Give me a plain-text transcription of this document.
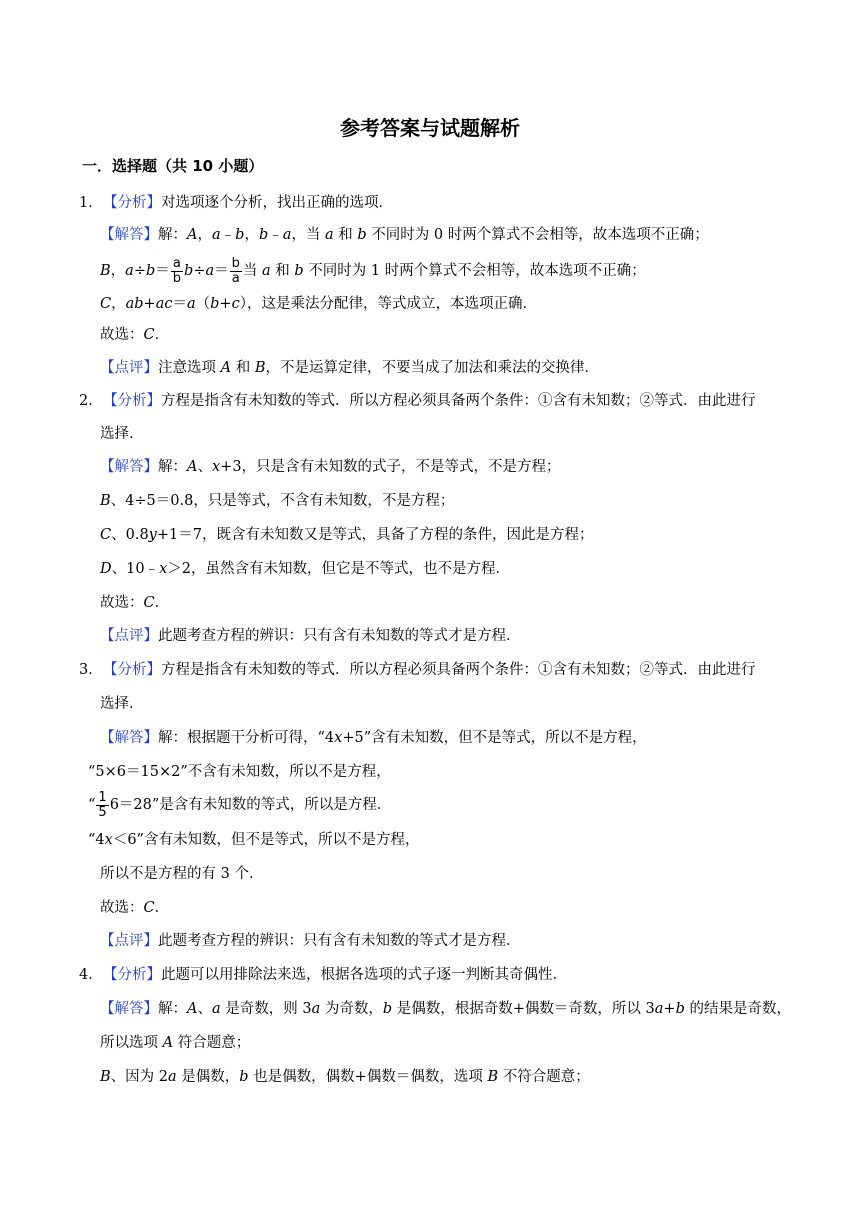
参考答案与试题解析
一．选择题（共 10 小题）
1． 【分析】对选项逐个分析，找出正确的选项．
【解答】解：A，a﹣b，b﹣a，当 a 和 b 不同时为 0 时两个算式不会相等，故本选项不正确；
B，$a\div b= \frac{a}{b} b\div a= \frac{b}{a}$ 当 a 和 b 不同时为 1 时两个算式不会相等，故本选项不正确；
C，ab+ac＝a（b+c），这是乘法分配律，等式成立，本选项正确．
故选：C．
【点评】注意选项 A 和 B，不是运算定律，不要当成了加法和乘法的交换律．
2． 【分析】方程是指含有未知数的等式．所以方程必须具备两个条件：①含有未知数；②等式．由此进行
选择．
【解答】解：A、x+3，只是含有未知数的式子，不是等式，不是方程；
B、4÷5＝0.8，只是等式，不含有未知数，不是方程；
C、0.8y+1＝7，既含有未知数又是等式，具备了方程的条件，因此是方程；
D、10﹣x＞2，虽然含有未知数，但它是不等式，也不是方程．
故选：C．
【点评】此题考查方程的辨识：只有含有未知数的等式才是方程．
3． 【分析】方程是指含有未知数的等式．所以方程必须具备两个条件：①含有未知数；②等式．由此进行
选择．
【解答】解：根据题干分析可得，“4x+5”含有未知数，但不是等式，所以不是方程，
“5×6＝15×2”不含有未知数，所以不是方程，
“ $\frac{1}{5} 6=28$”是含有未知数的等式，所以是方程．
“4x＜6”含有未知数，但不是等式，所以不是方程，
所以不是方程的有 3 个．
故选：C．
【点评】此题考查方程的辨识：只有含有未知数的等式才是方程．
4． 【分析】此题可以用排除法来选，根据各选项的式子逐一判断其奇偶性．
【解答】解：A、a 是奇数，则 3a 为奇数，b 是偶数，根据奇数+偶数＝奇数，所以 3a+b 的结果是奇数，
所以选项 A 符合题意；
B、因为 2a 是偶数，b 也是偶数，偶数+偶数＝偶数，选项 B 不符合题意；
